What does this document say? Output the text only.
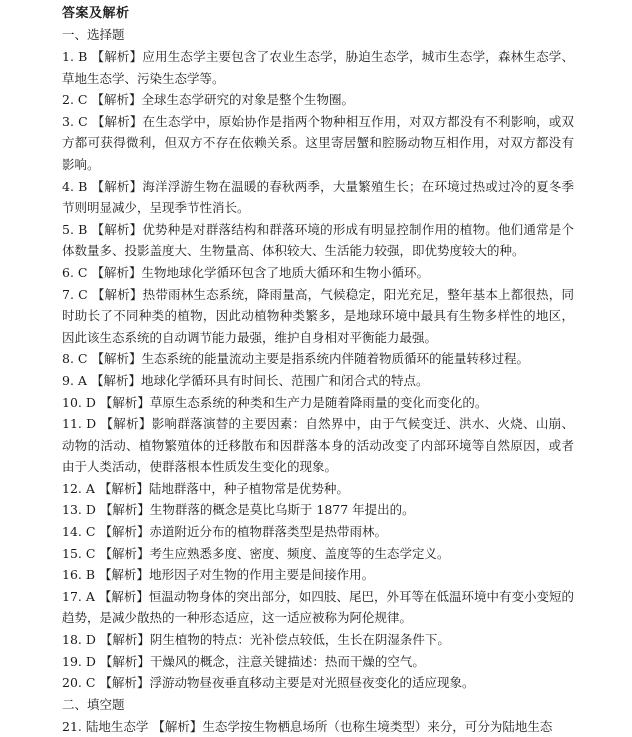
答案及解析
一、选择题

1. B 【解析】应用生态学主要包含了农业生态学，胁迫生态学，城市生态学，森林生态学、草地生态学、污染生态学等。

2. C 【解析】全球生态学研究的对象是整个生物圈。

3. C 【解析】在生态学中，原始协作是指两个物种相互作用，对双方都没有不利影响，或双方都可获得微利，但双方不存在依赖关系。这里寄居蟹和腔肠动物互相作用，对双方都没有影响。

4. B 【解析】海洋浮游生物在温暖的春秋两季，大量繁殖生长；在环境过热或过冷的夏冬季节则明显减少，呈现季节性消长。

5. B 【解析】优势种是对群落结构和群落环境的形成有明显控制作用的植物。他们通常是个体数量多、投影盖度大、生物量高、体积较大、生活能力较强，即优势度较大的种。

6. C 【解析】生物地球化学循环包含了地质大循环和生物小循环。

7. C 【解析】热带雨林生态系统，降雨量高，气候稳定，阳光充足，整年基本上都很热，同时助长了不同种类的植物，因此动植物种类繁多，是地球环境中最具有生物多样性的地区，因此该生态系统的自动调节能力最强，维护自身相对平衡能力最强。

8. C 【解析】生态系统的能量流动主要是指系统内伴随着物质循环的能量转移过程。

9. A 【解析】地球化学循环具有时间长、范围广和闭合式的特点。

10. D 【解析】草原生态系统的种类和生产力是随着降雨量的变化而变化的。

11. D 【解析】影响群落演替的主要因素：自然界中，由于气候变迁、洪水、火烧、山崩、动物的活动、植物繁殖体的迁移散布和因群落本身的活动改变了内部环境等自然原因，或者由于人类活动，使群落根本性质发生变化的现象。

12. A 【解析】陆地群落中，种子植物常是优势种。

13. D 【解析】生物群落的概念是莫比乌斯于 1877 年提出的。

14. C 【解析】赤道附近分布的植物群落类型是热带雨林。

15. C 【解析】考生应熟悉多度、密度、频度、盖度等的生态学定义。

16. B 【解析】地形因子对生物的作用主要是间接作用。

17. A 【解析】恒温动物身体的突出部分，如四肢、尾巴，外耳等在低温环境中有变小变短的趋势，是减少散热的一种形态适应，这一适应被称为阿伦规律。

18. D 【解析】阴生植物的特点：光补偿点较低，生长在阴湿条件下。

19. D 【解析】干燥风的概念，注意关键描述：热而干燥的空气。

20. C 【解析】浮游动物昼夜垂直移动主要是对光照昼夜变化的适应现象。

二、填空题

21. 陆地生态学 【解析】生态学按生物栖息场所（也称生境类型）来分，可分为陆地生态
